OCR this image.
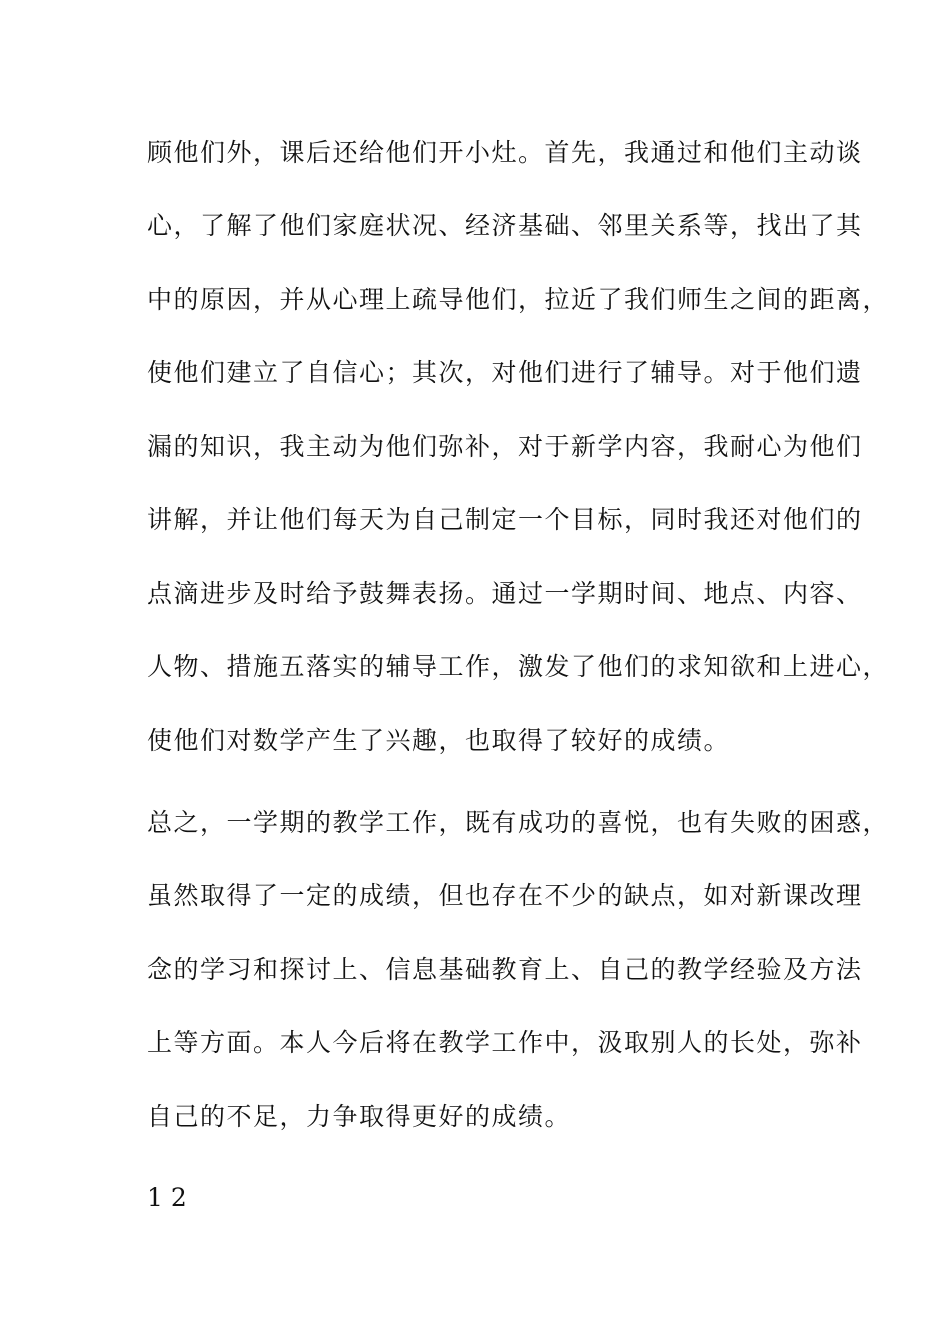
顾他们外，课后还给他们开小灶。首先，我通过和他们主动谈
心，了解了他们家庭状况、经济基础、邻里关系等，找出了其
中的原因，并从心理上疏导他们，拉近了我们师生之间的距离，
使他们建立了自信心；其次，对他们进行了辅导。对于他们遗
漏的知识，我主动为他们弥补，对于新学内容，我耐心为他们
讲解，并让他们每天为自己制定一个目标，同时我还对他们的
点滴进步及时给予鼓舞表扬。通过一学期时间、地点、内容、
人物、措施五落实的辅导工作，激发了他们的求知欲和上进心，
使他们对数学产生了兴趣，也取得了较好的成绩。
总之，一学期的教学工作，既有成功的喜悦，也有失败的困惑，
虽然取得了一定的成绩，但也存在不少的缺点，如对新课改理
念的学习和探讨上、信息基础教育上、自己的教学经验及方法
上等方面。本人今后将在教学工作中，汲取别人的长处，弥补
自己的不足，力争取得更好的成绩。
12
